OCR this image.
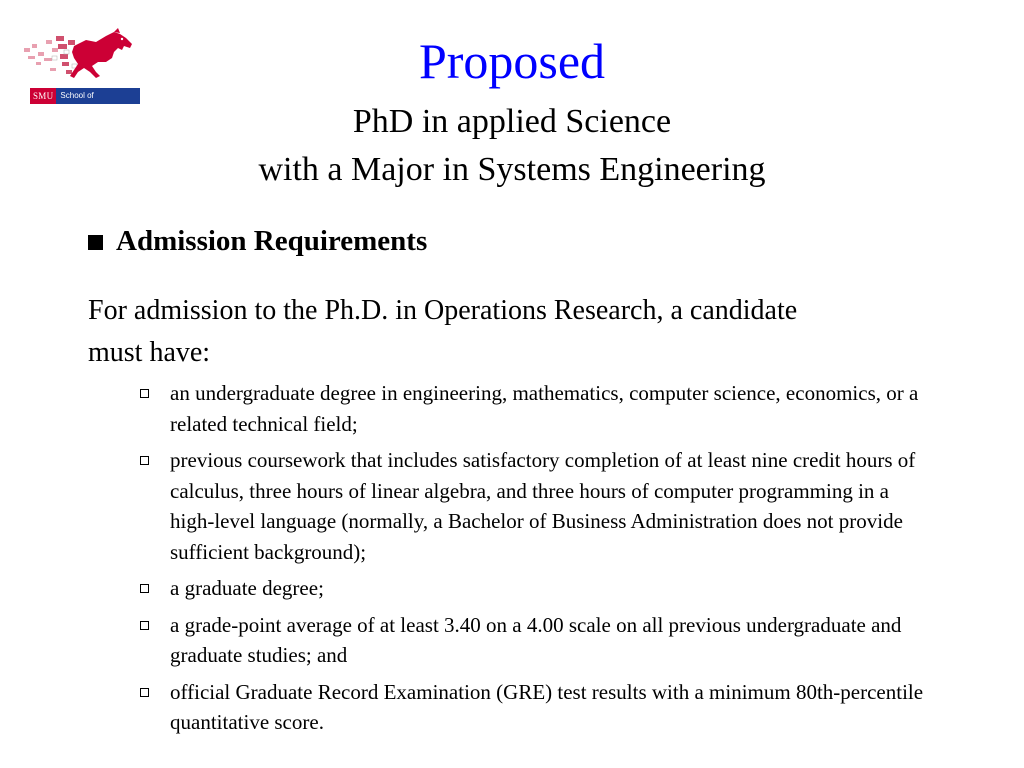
SMU School of Engineering
Proposed
PhD in applied Science
with a Major in Systems Engineering
Admission Requirements
For admission to the Ph.D. in Operations Research, a candidate must have:
an undergraduate degree in engineering, mathematics, computer science, economics, or a related technical field;
previous coursework that includes satisfactory completion of at least nine credit hours of calculus, three hours of linear algebra, and three hours of computer programming in a high-level language (normally, a Bachelor of Business Administration does not provide sufficient background);
a graduate degree;
a grade-point average of at least 3.40 on a 4.00 scale on all previous undergraduate and graduate studies; and
official Graduate Record Examination (GRE) test results with a minimum 80th-percentile quantitative score.
